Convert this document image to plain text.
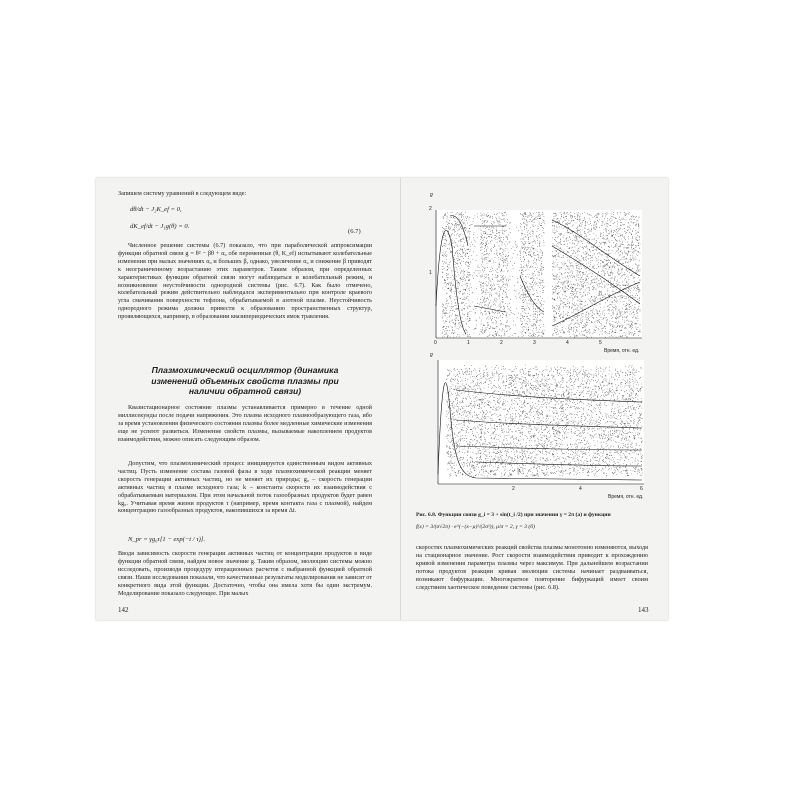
Запишем систему уравнений в следующем виде:

dθ/dt − J₂K_ef = 0,
dK_ef/dt − J₁g(θ) = 0.
(6.7)

Численное решение системы (6.7) показало, что при параболической аппроксимации функции обратной связи g = θ² − βθ + α₀ обе переменные (θ, K_ef) испытывают колебательные изменения при малых значениях α₀ и больших β, однако, увеличение α₀ и снижение β приводят к неограниченному возрастанию этих параметров. Таким образом, при определенных характеристиках функции обратной связи могут наблюдаться и колебательный режим, и возникновение неустойчивости однородной системы (рис. 6.7). Как было отмечено, колебательный режим действительно наблюдался экспериментально при контроле краевого угла смачивания поверхности тефлона, обрабатываемой в азотной плазме. Неустойчивость однородного режима должна привести к образованию пространственных структур, проявляющихся, например, в образовании квазипериодических ямок травления.

Плазмохимический осциллятор (динамика изменений объемных свойств плазмы при наличии обратной связи)

Квазистационарное состояние плазмы устанавливается примерно в течение одной миллисекунды после подачи напряжения. Это плазма исходного плазмообразующего газа, ибо за время установления физического состояния плазмы более медленные химические изменения еще не успеют развиться. Изменение свойств плазмы, вызываемые накоплением продуктов взаимодействия, можно описать следующим образом.

Допустим, что плазмохимический процесс инициируется единственным видом активных частиц. Пусть изменение состава газовой фазы в ходе плазмохимической реакции меняет скорость генерации активных частиц, но не меняет их природы; g₀ – скорость генерации активных частиц в плазме исходного газа; k – константа скорости их взаимодействия с обрабатываемым материалом. При этом начальной поток газообразных продуктов будет равен kg₀. Учитывая время жизни продуктов τ (например, время контакта газа с плазмой), найдем концентрацию газообразных продуктов, накопившихся за время Δt.

N_pr = γg₀τ[1 − exp(−t / τ)].

Вводя зависимость скорости генерации активных частиц от концентрации продуктов в виде функции обратной связи, найдем новое значение g. Таким образом, эволюцию системы можно исследовать, производя процедуру итерационных расчетов с выбранной функцией обратной связи. Наши исследования показали, что качественные результаты моделирования не зависят от конкретного вида этой функции. Достаточно, чтобы она имела хотя бы один экстремум. Моделирование показало следующее. При малых

142
g
2
1
0	1	2	3	4	5
Время, отн. ед.
g
2	4	6
Время, отн. ед.
Рис. 6.8. Функции связи g_i = 3 + sin(t_i /2) при значении γ = 2π (а) и функции
f(x) = 3/(σ√2π) · e^(−(x−μ)²/(2σ²)), μ/σ = 2, γ = 3 (б)

скоростях плазмохимических реакций свойства плазмы монотонно изменяются, выходя на стационарное значение. Рост скорости взаимодействия приводит к прохождению кривой изменения параметра плазмы через максимум. При дальнейшем возрастании потока продуктов реакции кривая эволюции системы начинает раздваиваться, возникают бифуркации. Многократное повторение бифуркаций имеет своим следствием хаотическое поведение системы (рис. 6.8).

143
